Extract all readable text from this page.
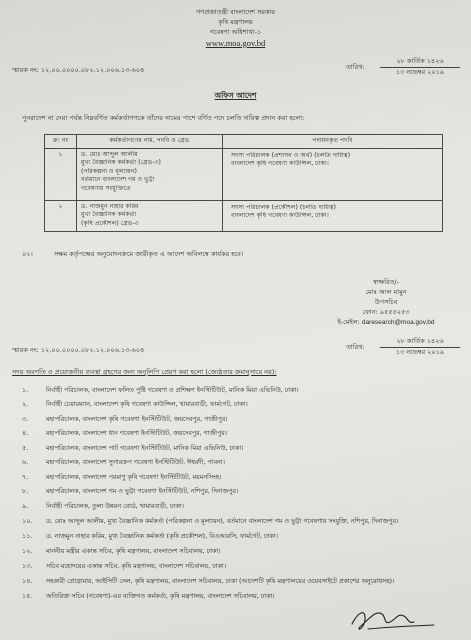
গণপ্রজাতন্ত্রী বাংলাদেশ সরকার
কৃষি মন্ত্রণালয়
গবেষণা অধিশাখা-১
www.moa.gov.bd
স্মারক নং: ১২.০০.০০০০.০৮২.১২.০০৬.১৩-৬০৪	তারিখ:
২৮ কার্তিক ১৪২৬
১৩ নভেম্বর ২০১৯
অফিস আদেশ
পুনরাদেশ না দেয়া পর্যন্ত নিম্নবর্ণিত কর্মকর্তাগণকে তাঁদের নামের পাশে বর্ণিত পদে চলতি দায়িত্ব প্রদান করা হলো:
ক্র: নং	কর্মকর্তাগণের নাম, পদবি ও গ্রেড	পদায়নকৃত পদবি
১	ড. মোঃ আব্দুল আলীম
মুখ্য বৈজ্ঞানিক কর্মকর্তা (গ্রেড-৩)
(পরিকল্পনা ও মূল্যায়ন)
বর্তমানে বাংলাদেশ গম ও ভুট্টা
গবেষণায় সংযুক্তিতে	সদস্য পরিচালক (প্রশাসন ও অর্থ) (চলতি দায়িত্ব)
বাংলাদেশ কৃষি গবেষণা কাউন্সিল, ঢাকা।

২	ড. নাজমুন নাহার করিম
মুখ্য বৈজ্ঞানিক কর্মকর্তা
(কৃষি প্রকৌশল) গ্রেড-৩	সদস্য পরিচালক (প্রকৌশল) (চলতি দায়িত্ব)
বাংলাদেশ কৃষি গবেষণা কাউন্সিল, ঢাকা।
০২।	সক্ষম কর্তৃপক্ষের অনুমোদনক্রমে জারীকৃত এ আদেশ অবিলম্বে কার্যকর হবে।
স্বাক্ষরিত/-
মোঃ আল মামুন
উপসচিব
ফোন: ৯৫৫৫২৫৩
ই-মেইল: daresearch@moa.gov.bd
স্মারক নং: ১২.০০.০০০০.০৮২.১২.০০৬.১৩-৬০৪	তারিখ:
২৮ কার্তিক ১৪২৬
১৩ নভেম্বর ২০১৯
সদয় অবগতি ও প্রয়োজনীয় ব্যবস্থা গ্রহণের জন্য অনুলিপি প্রেরণ করা হলো (জ্যেষ্ঠতার ক্রমানুসারে নয়):
১.	নির্বাহী পরিচালক, বাংলাদেশ ফলিত পুষ্টি গবেষণা ও প্রশিক্ষণ ইনস্টিটিউট, মানিক মিয়া এভিনিউ, ঢাকা।
২.	নির্বাহী চেয়ারম্যান, বাংলাদেশ কৃষি গবেষণা কাউন্সিল, খামারবাড়ী, ফার্মগেট, ঢাকা।
৩.	মহাপরিচালক, বাংলাদেশ কৃষি গবেষণা ইনস্টিটিউট, জয়দেবপুর, গাজীপুর।
৪.	মহাপরিচালক, বাংলাদেশ ধান গবেষণা ইনস্টিটিউট, জয়দেবপুর, গাজীপুর।
৫.	মহাপরিচালক, বাংলাদেশ পাট গবেষণা ইনস্টিটিউট, মানিক মিয়া এভিনিউ, ঢাকা।
৬.	মহাপরিচালক, বাংলাদেশ সুগারক্রপ গবেষণা ইনস্টিটিউট, ঈশ্বরদী, পাবনা।
৭.	মহাপরিচালক, বাংলাদেশ পরমাণু কৃষি গবেষণা ইনস্টিটিউট, ময়মনসিংহ।
৮.	মহাপরিচালক, বাংলাদেশ গম ও ভুট্টা গবেষণা ইনস্টিটিউট, নশিপুর, দিনাজপুর।
৯.	নির্বাহী পরিচালক, তুলা উন্নয়ন বোর্ড, খামারবাড়ী, ঢাকা।
১০.	ড. মোঃ আব্দুল আলীম, মুখ্য বৈজ্ঞানিক কর্মকর্তা (পরিকল্পনা ও মূল্যায়ন), বর্তমানে বাংলাদেশ গম ও ভুট্টা গবেষণায় সংযুক্তি, নশিপুর, দিনাজপুর।
১১.	ড. নাজমুন নাহার করিম, মুখ্য বৈজ্ঞানিক কর্মকর্তা (কৃষি প্রকৌশল), বিএআরসি, ফার্মগেট, ঢাকা।
১২.	মাননীয় মন্ত্রীর একান্ত সচিব, কৃষি মন্ত্রণালয়, বাংলাদেশ সচিবালয়, ঢাকা।
১৩.	সচিব মহোদয়ের একান্ত সচিব, কৃষি মন্ত্রণালয়, বাংলাদেশ সচিবালয়, ঢাকা।
১৪.	সহকারী প্রোগ্রামার, আইসিটি সেল, কৃষি মন্ত্রণালয়, বাংলাদেশ সচিবালয়, ঢাকা (আদেশটি কৃষি মন্ত্রণালয়ের ওয়েবসাইটে প্রকাশের অনুরোধসহ)।
১৫.	অতিরিক্ত সচিব (গবেষণা)-এর ব্যক্তিগত কর্মকর্তা, কৃষি মন্ত্রণালয়, বাংলাদেশ সচিবালয়, ঢাকা।
